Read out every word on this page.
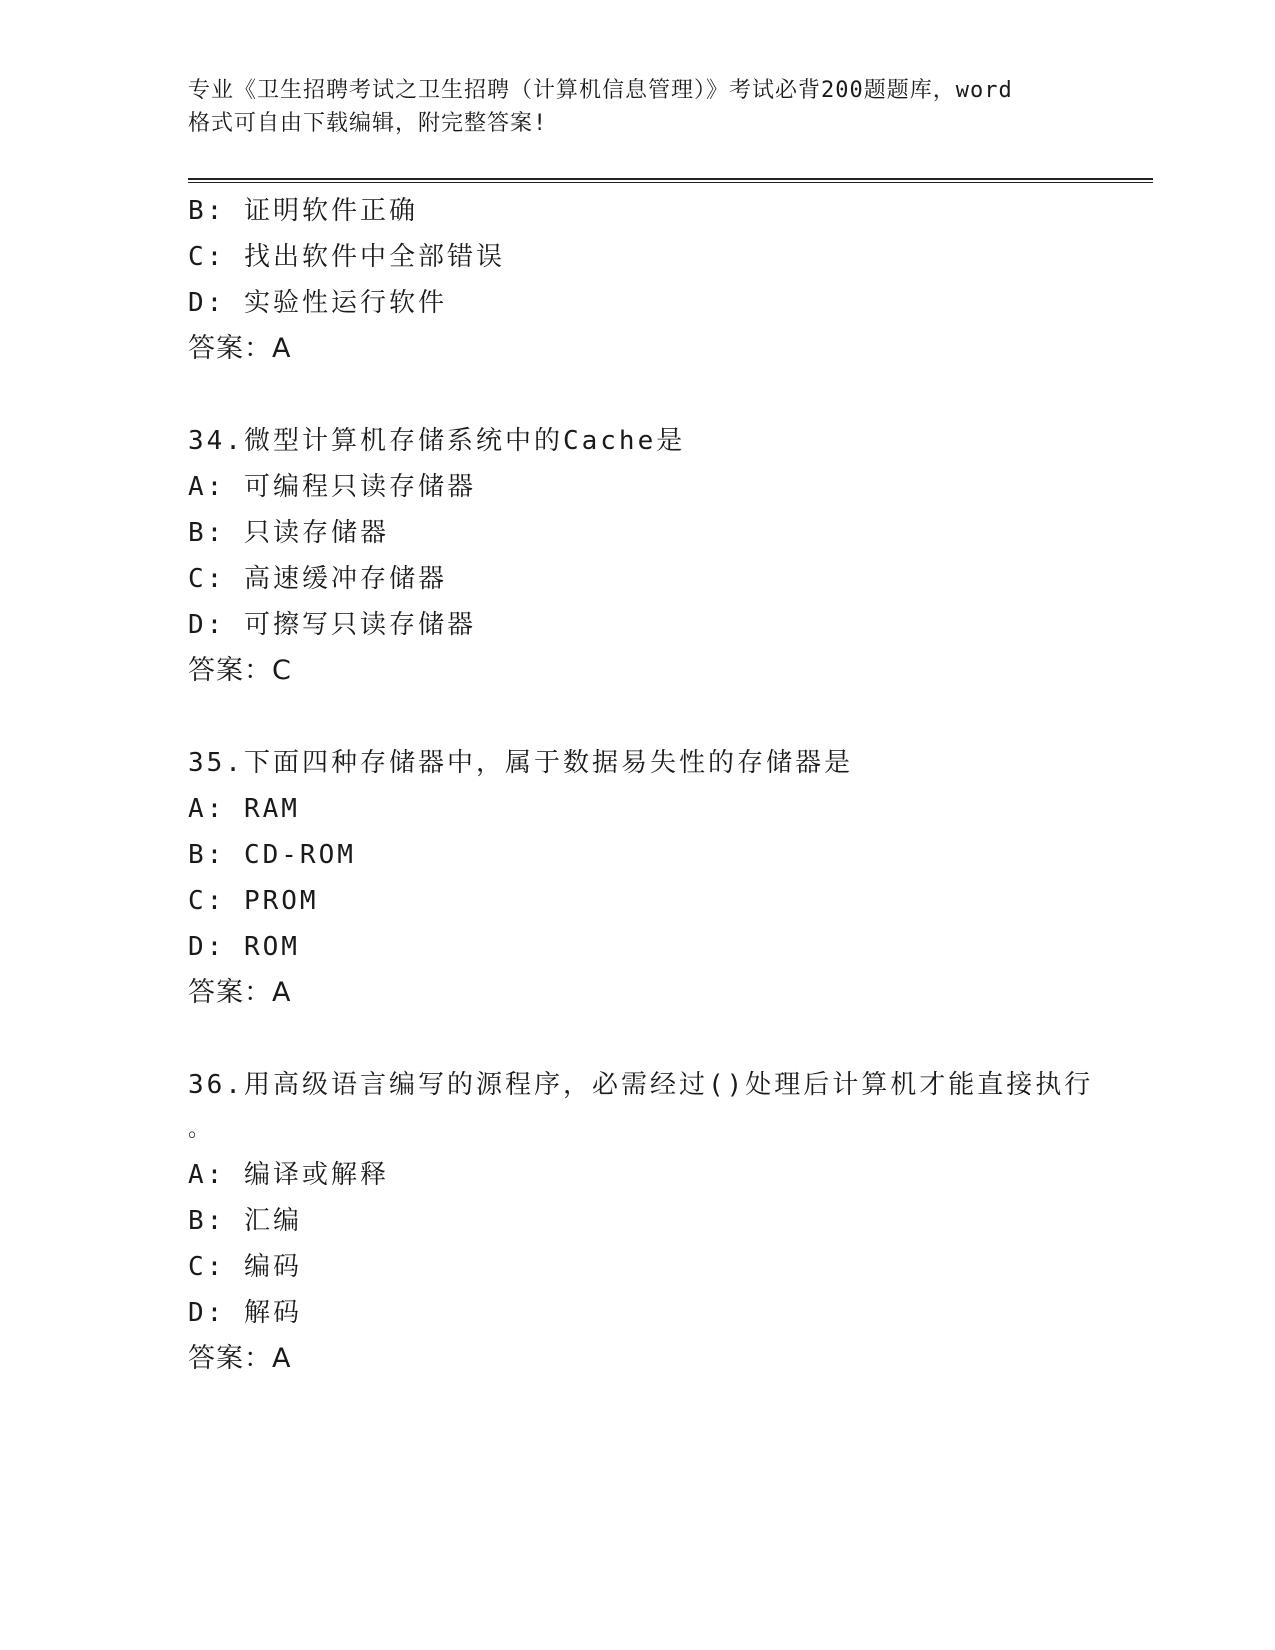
专业《卫生招聘考试之卫生招聘（计算机信息管理）》考试必背200题题库，word
格式可自由下载编辑，附完整答案!
B: 证明软件正确
C: 找出软件中全部错误
D: 实验性运行软件
答案：A
34.微型计算机存储系统中的Cache是
A: 可编程只读存储器
B: 只读存储器
C: 高速缓冲存储器
D: 可擦写只读存储器
答案：C
35.下面四种存储器中，属于数据易失性的存储器是
A: RAM
B: CD-ROM
C: PROM
D: ROM
答案：A
36.用高级语言编写的源程序，必需经过()处理后计算机才能直接执行
。
A: 编译或解释
B: 汇编
C: 编码
D: 解码
答案：A
